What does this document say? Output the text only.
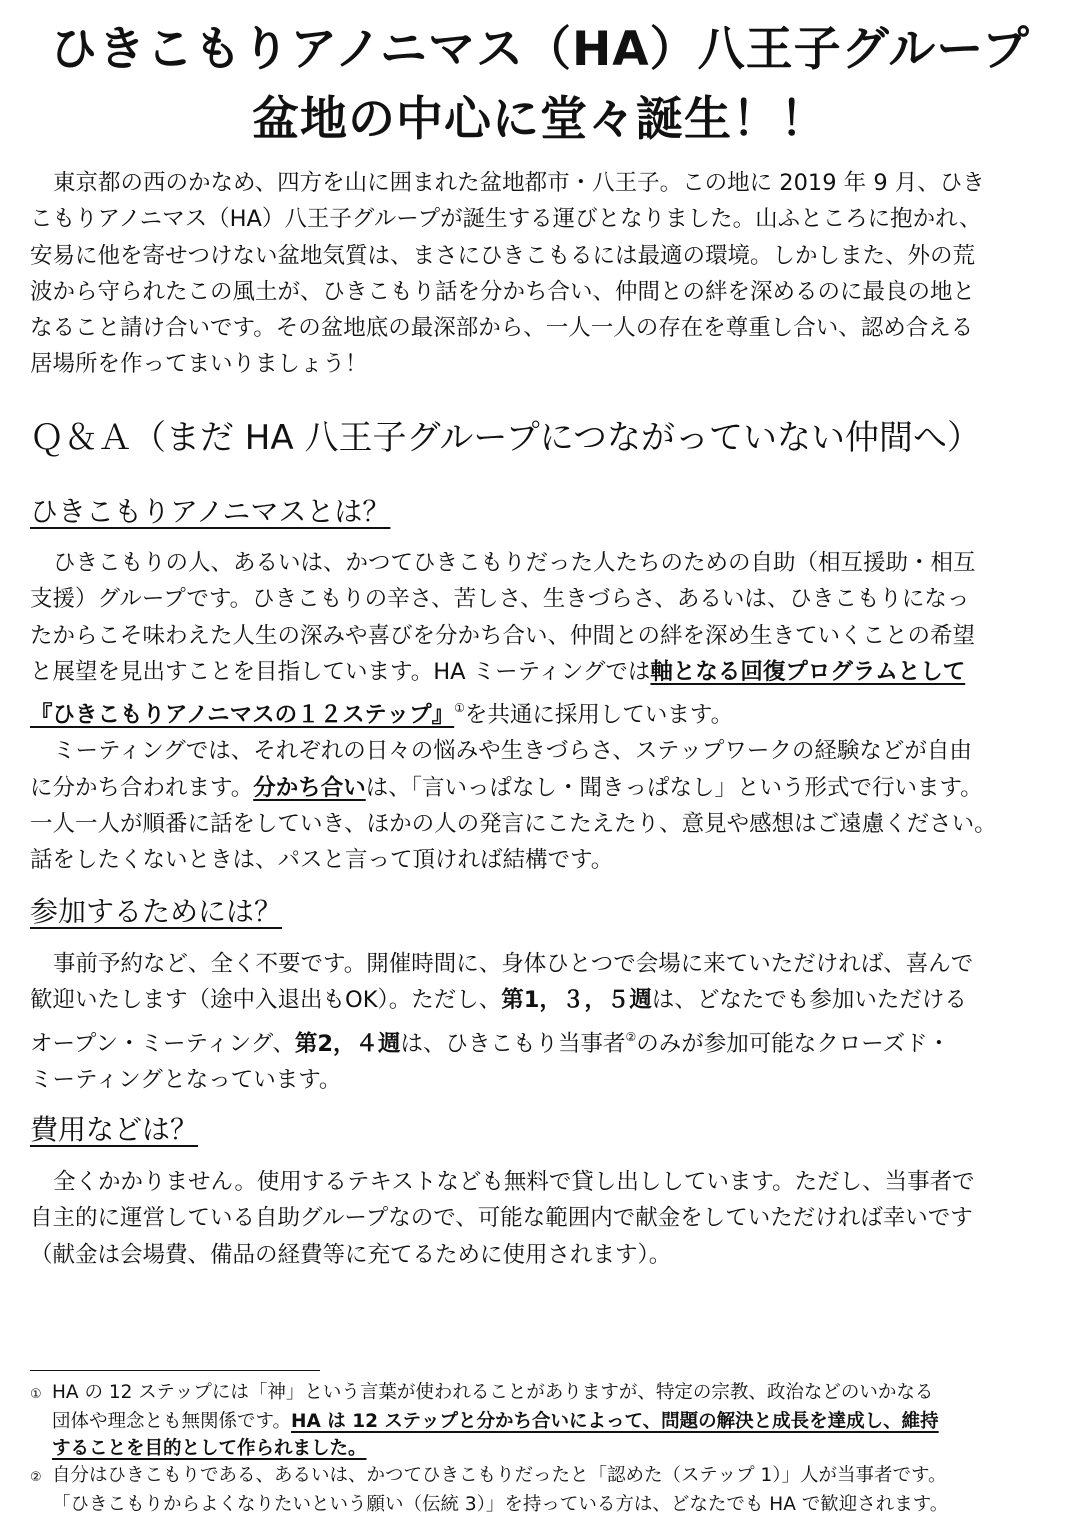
ひきこもりアノニマス（HA）八王子グループ
盆地の中心に堂々誕生！！
東京都の西のかなめ、四方を山に囲まれた盆地都市・八王子。この地に 2019 年 9 月、ひき
こもりアノニマス（HA）八王子グループが誕生する運びとなりました。山ふところに抱かれ、
安易に他を寄せつけない盆地気質は、まさにひきこもるには最適の環境。しかしまた、外の荒
波から守られたこの風土が、ひきこもり話を分かち合い、仲間との絆を深めるのに最良の地と
なること請け合いです。その盆地底の最深部から、一人一人の存在を尊重し合い、認め合える
居場所を作ってまいりましょう！
Ｑ＆Ａ（まだ HA 八王子グループにつながっていない仲間へ）
ひきこもりアノニマスとは？
ひきこもりの人、あるいは、かつてひきこもりだった人たちのための自助（相互援助・相互
支援）グループです。ひきこもりの辛さ、苦しさ、生きづらさ、あるいは、ひきこもりになっ
たからこそ味わえた人生の深みや喜びを分かち合い、仲間との絆を深め生きていくことの希望
と展望を見出すことを目指しています。HA ミーティングでは軸となる回復プログラムとして
『ひきこもりアノニマスの１２ステップ』①を共通に採用しています。
ミーティングでは、それぞれの日々の悩みや生きづらさ、ステップワークの経験などが自由
に分かち合われます。分かち合いは、「言いっぱなし・聞きっぱなし」という形式で行います。
一人一人が順番に話をしていき、ほかの人の発言にこたえたり、意見や感想はご遠慮ください。
話をしたくないときは、パスと言って頂ければ結構です。
参加するためには？
事前予約など、全く不要です。開催時間に、身体ひとつで会場に来ていただければ、喜んで
歓迎いたします（途中入退出もOK）。ただし、第1，３，５週は、どなたでも参加いただける
オープン・ミーティング、第2，４週は、ひきこもり当事者②のみが参加可能なクローズド・
ミーティングとなっています。
費用などは？
全くかかりません。使用するテキストなども無料で貸し出ししています。ただし、当事者で
自主的に運営している自助グループなので、可能な範囲内で献金をしていただければ幸いです
（献金は会場費、備品の経費等に充てるために使用されます）。
① HA の 12 ステップには「神」という言葉が使われることがありますが、特定の宗教、政治などのいかなる
団体や理念とも無関係です。HA は 12 ステップと分かち合いによって、問題の解決と成長を達成し、維持
することを目的として作られました。
② 自分はひきこもりである、あるいは、かつてひきこもりだったと「認めた（ステップ 1）」人が当事者です。
「ひきこもりからよくなりたいという願い（伝統 3）」を持っている方は、どなたでも HA で歓迎されます。
